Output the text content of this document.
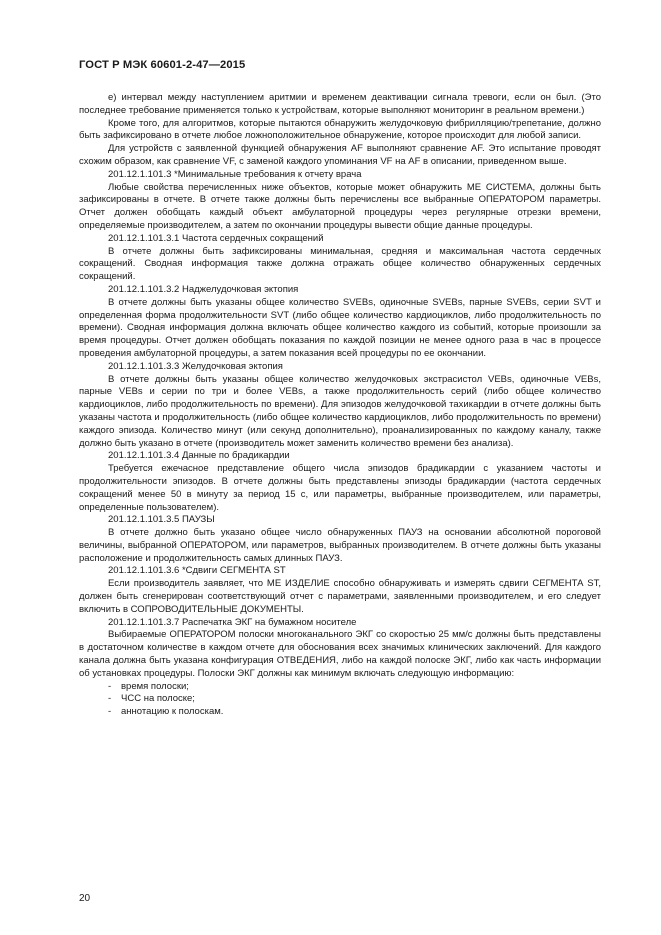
ГОСТ Р МЭК 60601-2-47—2015

e) интервал между наступлением аритмии и временем деактивации сигнала тревоги, если он был. (Это последнее требование применяется только к устройствам, которые выполняют мониторинг в реальном времени.)

Кроме того, для алгоритмов, которые пытаются обнаружить желудочковую фибрилляцию/трепетание, должно быть зафиксировано в отчете любое ложноположительное обнаружение, которое происходит для любой записи.

Для устройств с заявленной функцией обнаружения AF выполняют сравнение AF. Это испытание проводят схожим образом, как сравнение VF, с заменой каждого упоминания VF на AF в описании, приведенном выше.

201.12.1.101.3 *Минимальные требования к отчету врача

Любые свойства перечисленных ниже объектов, которые может обнаружить ME СИСТЕМА, должны быть зафиксированы в отчете. В отчете также должны быть перечислены все выбранные ОПЕРАТОРОМ параметры. Отчет должен обобщать каждый объект амбулаторной процедуры через регулярные отрезки времени, определяемые производителем, а затем по окончании процедуры вывести общие данные процедуры.

201.12.1.101.3.1 Частота сердечных сокращений

В отчете должны быть зафиксированы минимальная, средняя и максимальная частота сердечных сокращений. Сводная информация также должна отражать общее количество обнаруженных сердечных сокращений.

201.12.1.101.3.2 Наджелудочковая эктопия

В отчете должны быть указаны общее количество SVEBs, одиночные SVEBs, парные SVEBs, серии SVT и определенная форма продолжительности SVT (либо общее количество кардиоциклов, либо продолжительность по времени). Сводная информация должна включать общее количество каждого из событий, которые произошли за время процедуры. Отчет должен обобщать показания по каждой позиции не менее одного раза в час в процессе проведения амбулаторной процедуры, а затем показания всей процедуры по ее окончании.

201.12.1.101.3.3 Желудочковая эктопия

В отчете должны быть указаны общее количество желудочковых экстрасистол VEBs, одиночные VEBs, парные VEBs и серии по три и более VEBs, а также продолжительность серий (либо общее количество кардиоциклов, либо продолжительность по времени). Для эпизодов желудочковой тахикардии в отчете должны быть указаны частота и продолжительность (либо общее количество кардиоциклов, либо продолжительность по времени) каждого эпизода. Количество минут (или секунд дополнительно), проанализированных по каждому каналу, также должно быть указано в отчете (производитель может заменить количество времени без анализа).

201.12.1.101.3.4 Данные по брадикардии

Требуется ежечасное представление общего числа эпизодов брадикардии с указанием частоты и продолжительности эпизодов. В отчете должны быть представлены эпизоды брадикардии (частота сердечных сокращений менее 50 в минуту за период 15 с, или параметры, выбранные производителем, или параметры, определенные пользователем).

201.12.1.101.3.5 ПАУЗЫ

В отчете должно быть указано общее число обнаруженных ПАУЗ на основании абсолютной пороговой величины, выбранной ОПЕРАТОРОМ, или параметров, выбранных производителем. В отчете должны быть указаны расположение и продолжительность самых длинных ПАУЗ.

201.12.1.101.3.6 *Сдвиги СЕГМЕНТА ST

Если производитель заявляет, что ME ИЗДЕЛИЕ способно обнаруживать и измерять сдвиги СЕГМЕНТА ST, должен быть сгенерирован соответствующий отчет с параметрами, заявленными производителем, и его следует включить в СОПРОВОДИТЕЛЬНЫЕ ДОКУМЕНТЫ.

201.12.1.101.3.7 Распечатка ЭКГ на бумажном носителе

Выбираемые ОПЕРАТОРОМ полоски многоканального ЭКГ со скоростью 25 мм/с должны быть представлены в достаточном количестве в каждом отчете для обоснования всех значимых клинических заключений. Для каждого канала должна быть указана конфигурация ОТВЕДЕНИЯ, либо на каждой полоске ЭКГ, либо как часть информации об установках процедуры. Полоски ЭКГ должны как минимум включать следующую информацию:

- время полоски;
- ЧСС на полоске;
- аннотацию к полоскам.
20
